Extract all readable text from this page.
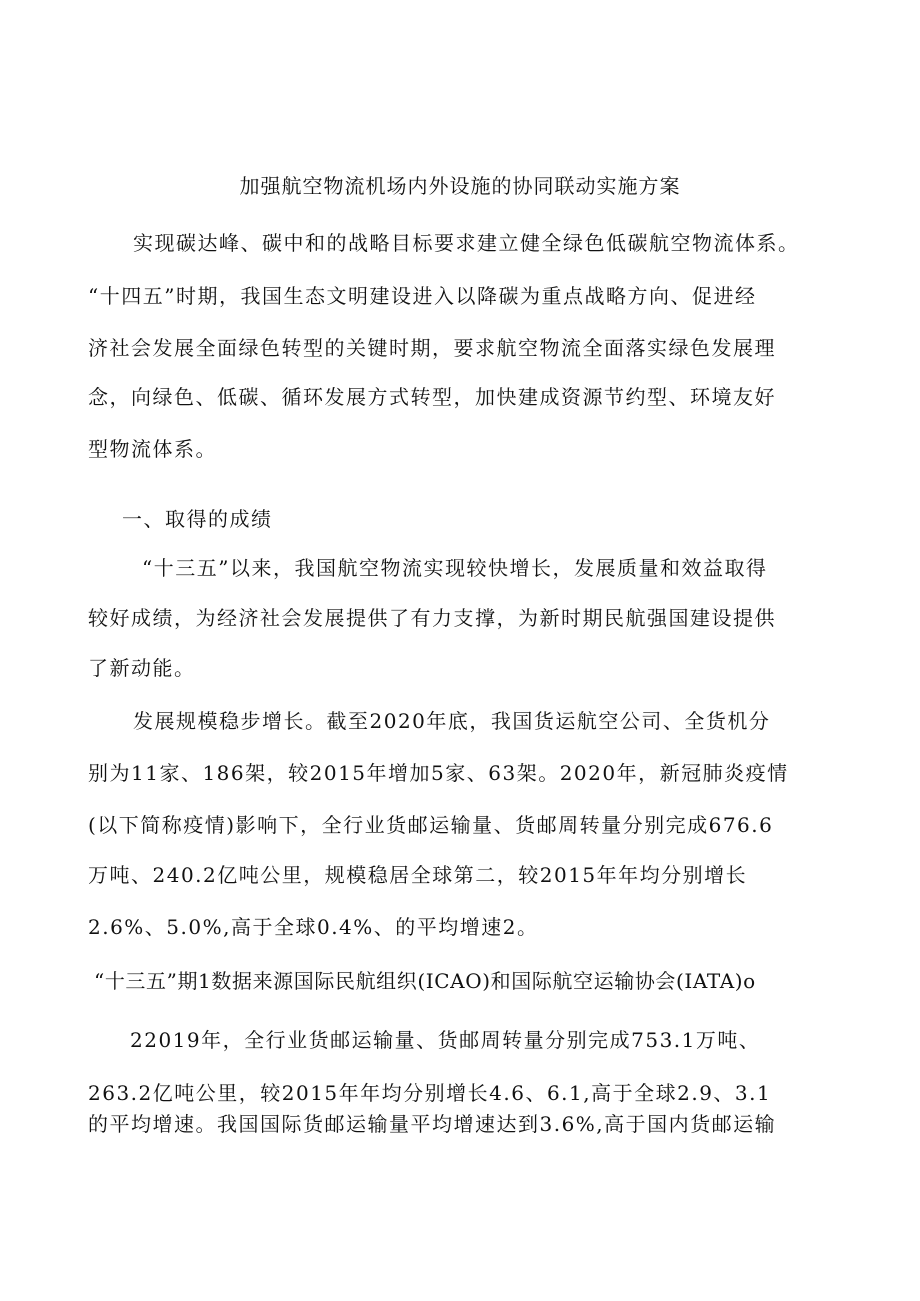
加强航空物流机场内外设施的协同联动实施方案
实现碳达峰、碳中和的战略目标要求建立健全绿色低碳航空物流体系。
“十四五”时期，我国生态文明建设进入以降碳为重点战略方向、促进经
济社会发展全面绿色转型的关键时期，要求航空物流全面落实绿色发展理
念，向绿色、低碳、循环发展方式转型，加快建成资源节约型、环境友好
型物流体系。
一、取得的成绩
“十三五”以来，我国航空物流实现较快增长，发展质量和效益取得
较好成绩，为经济社会发展提供了有力支撑，为新时期民航强国建设提供
了新动能。
发展规模稳步增长。截至2020年底，我国货运航空公司、全货机分
别为11家、186架，较2015年增加5家、63架。2020年，新冠肺炎疫情
(以下简称疫情)影响下，全行业货邮运输量、货邮周转量分别完成676.6
万吨、240.2亿吨公里，规模稳居全球第二，较2015年年均分别增长
2.6%、5.0%,高于全球0.4%、的平均增速2。
“十三五”期1数据来源国际民航组织(ICAO)和国际航空运输协会(IATA)o
22019年，全行业货邮运输量、货邮周转量分别完成753.1万吨、
263.2亿吨公里，较2015年年均分别增长4.6、6.1,高于全球2.9、3.1
的平均增速。我国国际货邮运输量平均增速达到3.6%,高于国内货邮运输
